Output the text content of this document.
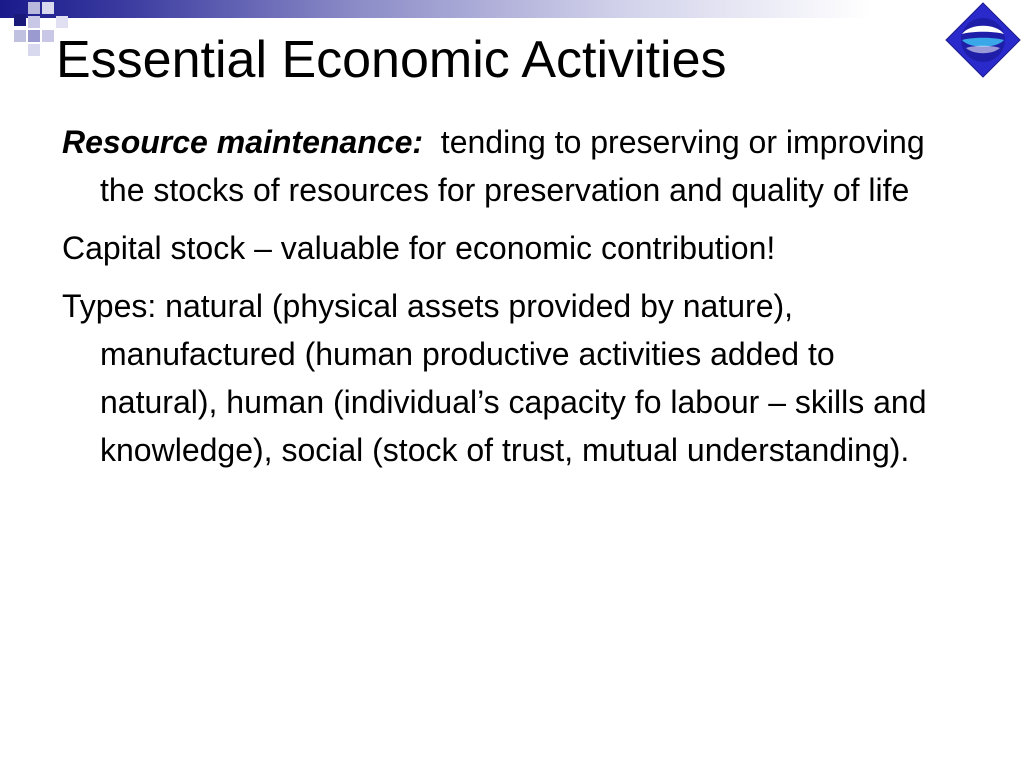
Essential Economic Activities

Resource maintenance:  tending to preserving or improving the stocks of resources for preservation and quality of life

Capital stock – valuable for economic contribution!

Types: natural (physical assets provided by nature), manufactured (human productive activities added to natural), human (individual’s capacity fo labour – skills and knowledge), social (stock of trust, mutual understanding).
